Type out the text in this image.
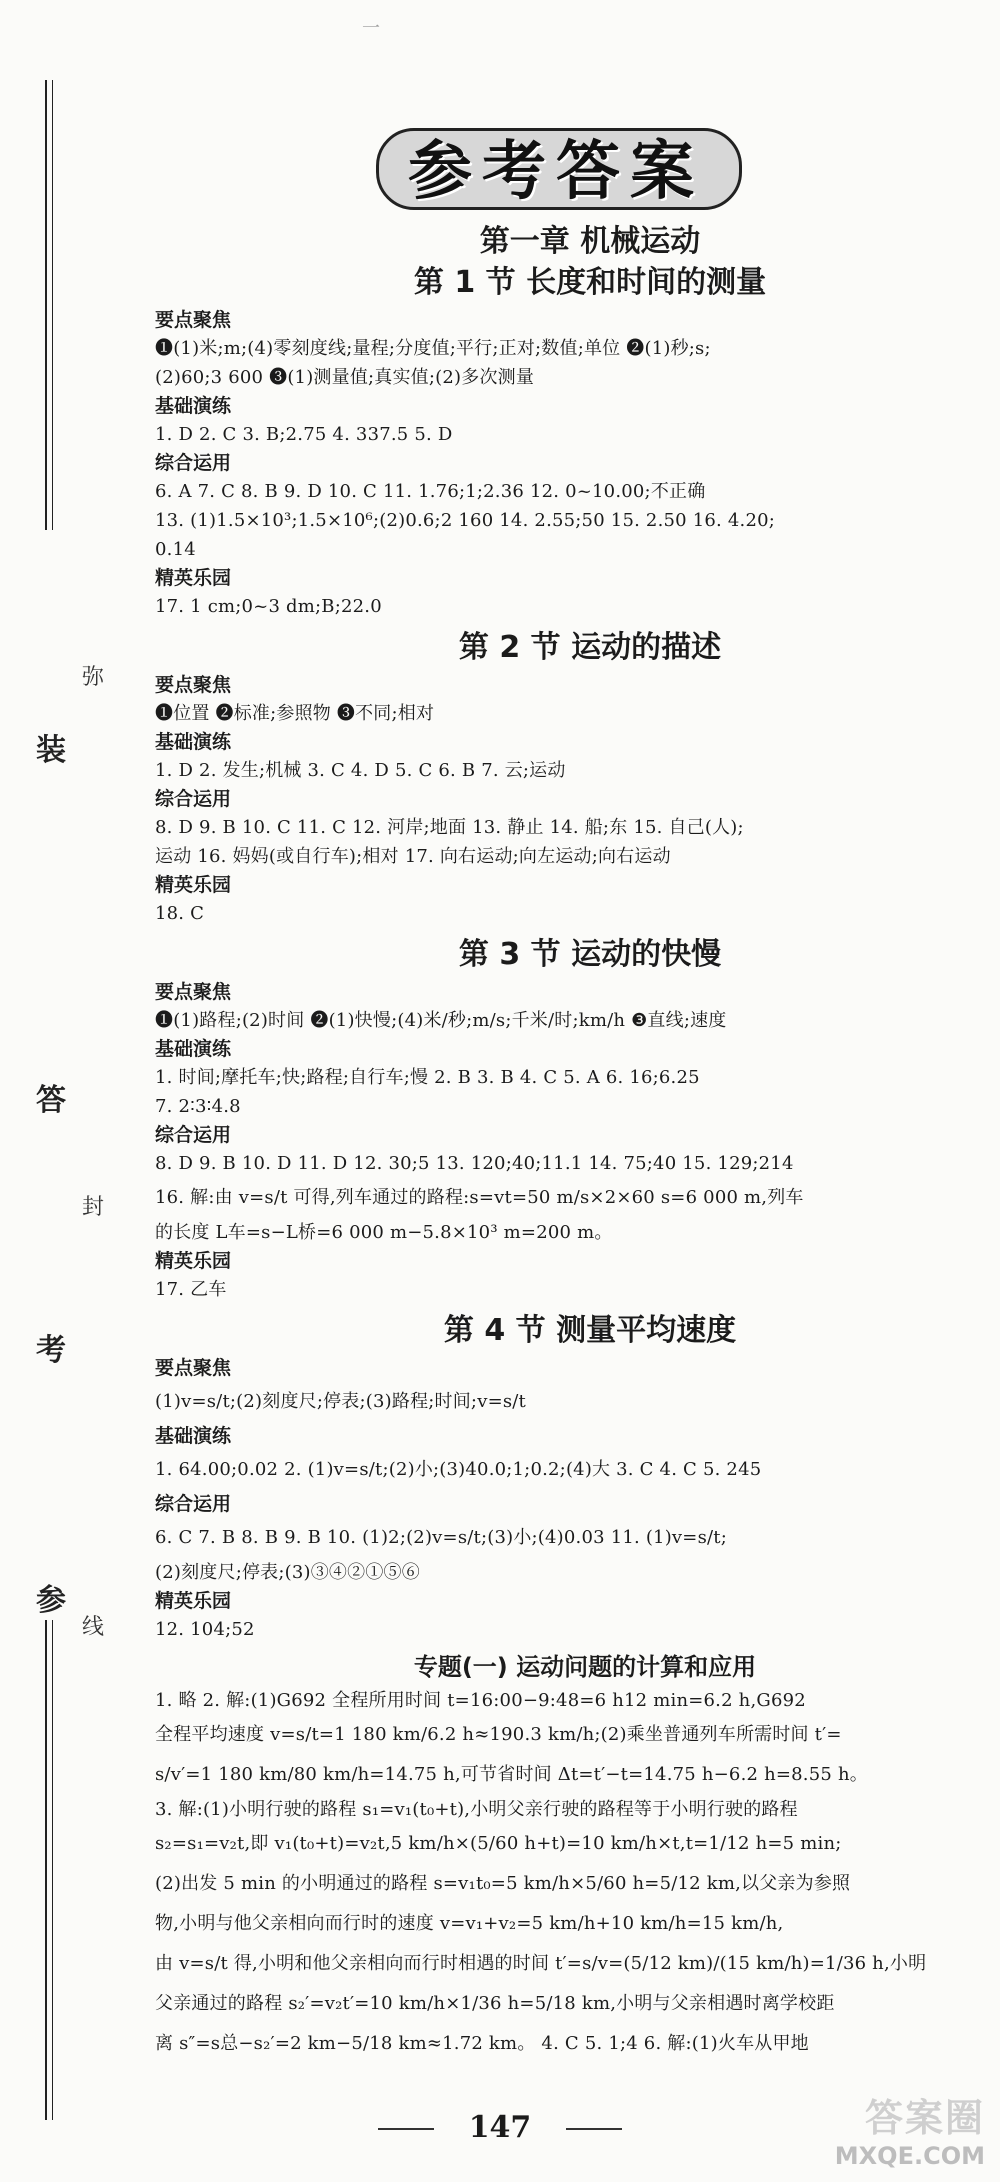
一
弥
装
答
封
考
参
线
参考答案
第一章 机械运动
第 1 节 长度和时间的测量
要点聚焦
❶(1)米;m;(4)零刻度线;量程;分度值;平行;正对;数值;单位 ❷(1)秒;s;
(2)60;3 600 ❸(1)测量值;真实值;(2)多次测量
基础演练
1. D 2. C 3. B;2.75 4. 337.5 5. D
综合运用
6. A 7. C 8. B 9. D 10. C 11. 1.76;1;2.36 12. 0~10.00;不正确
13. (1)1.5×10³;1.5×10⁶;(2)0.6;2 160 14. 2.55;50 15. 2.50 16. 4.20;
0.14
精英乐园
17. 1 cm;0~3 dm;B;22.0
第 2 节 运动的描述
要点聚焦
❶位置 ❷标准;参照物 ❸不同;相对
基础演练
1. D 2. 发生;机械 3. C 4. D 5. C 6. B 7. 云;运动
综合运用
8. D 9. B 10. C 11. C 12. 河岸;地面 13. 静止 14. 船;东 15. 自己(人);
运动 16. 妈妈(或自行车);相对 17. 向右运动;向左运动;向右运动
精英乐园
18. C
第 3 节 运动的快慢
要点聚焦
❶(1)路程;(2)时间 ❷(1)快慢;(4)米/秒;m/s;千米/时;km/h ❸直线;速度
基础演练
1. 时间;摩托车;快;路程;自行车;慢 2. B 3. B 4. C 5. A 6. 16;6.25
7. 2∶3∶4.8
综合运用
8. D 9. B 10. D 11. D 12. 30;5 13. 120;40;11.1 14. 75;40 15. 129;214
16. 解:由 v=s/t 可得,列车通过的路程:s=vt=50 m/s×2×60 s=6 000 m,列车
的长度 L车=s−L桥=6 000 m−5.8×10³ m=200 m。
精英乐园
17. 乙车
第 4 节 测量平均速度
要点聚焦
(1)v=s/t;(2)刻度尺;停表;(3)路程;时间;v=s/t
基础演练
1. 64.00;0.02 2. (1)v=s/t;(2)小;(3)40.0;1;0.2;(4)大 3. C 4. C 5. 245
综合运用
6. C 7. B 8. B 9. B 10. (1)2;(2)v=s/t;(3)小;(4)0.03 11. (1)v=s/t;
(2)刻度尺;停表;(3)③④②①⑤⑥
精英乐园
12. 104;52
专题(一) 运动问题的计算和应用
1. 略 2. 解:(1)G692 全程所用时间 t=16:00−9:48=6 h12 min=6.2 h,G692
全程平均速度 v=s/t=1 180 km/6.2 h≈190.3 km/h;(2)乘坐普通列车所需时间 t′=
s/v′=1 180 km/80 km/h=14.75 h,可节省时间 Δt=t′−t=14.75 h−6.2 h=8.55 h。
3. 解:(1)小明行驶的路程 s₁=v₁(t₀+t),小明父亲行驶的路程等于小明行驶的路程
s₂=s₁=v₂t,即 v₁(t₀+t)=v₂t,5 km/h×(5/60 h+t)=10 km/h×t,t=1/12 h=5 min;
(2)出发 5 min 的小明通过的路程 s=v₁t₀=5 km/h×5/60 h=5/12 km,以父亲为参照
物,小明与他父亲相向而行时的速度 v=v₁+v₂=5 km/h+10 km/h=15 km/h,
由 v=s/t 得,小明和他父亲相向而行时相遇的时间 t′=s/v=(5/12 km)/(15 km/h)=1/36 h,小明
父亲通过的路程 s₂′=v₂t′=10 km/h×1/36 h=5/18 km,小明与父亲相遇时离学校距
离 s″=s总−s₂′=2 km−5/18 km≈1.72 km。 4. C 5. 1;4 6. 解:(1)火车从甲地
147	答案圈
MXQE.COM
